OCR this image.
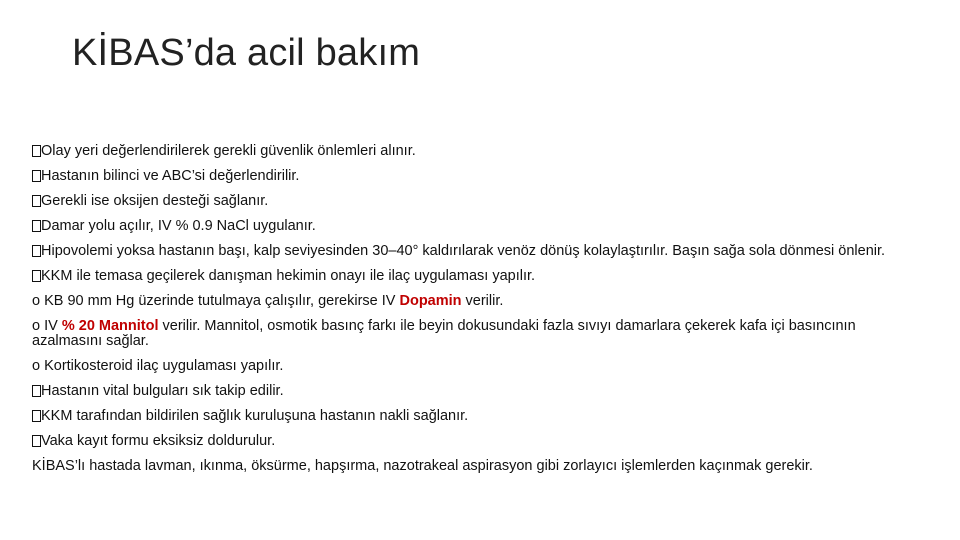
KİBAS’da acil bakım
Olay yeri değerlendirilerek gerekli güvenlik önlemleri alınır.
Hastanın bilinci ve ABC’si değerlendirilir.
Gerekli ise oksijen desteği sağlanır.
Damar yolu açılır, IV % 0.9 NaCl uygulanır.
Hipovolemi yoksa hastanın başı, kalp seviyesinden 30–40° kaldırılarak venöz dönüş kolaylaştırılır. Başın sağa sola dönmesi önlenir.
KKM ile temasa geçilerek danışman hekimin onayı ile ilaç uygulaması yapılır.
o KB 90 mm Hg üzerinde tutulmaya çalışılır, gerekirse IV Dopamin verilir.
o IV % 20 Mannitol verilir. Mannitol, osmotik basınç farkı ile beyin dokusundaki fazla sıvıyı damarlara çekerek kafa içi basıncının azalmasını sağlar.
o Kortikosteroid ilaç uygulaması yapılır.
Hastanın vital bulguları sık takip edilir.
KKM tarafından bildirilen sağlık kuruluşuna hastanın nakli sağlanır.
Vaka kayıt formu eksiksiz doldurulur.
KİBAS’lı hastada lavman, ıkınma, öksürme, hapşırma, nazotrakeal aspirasyon gibi zorlayıcı işlemlerden kaçınmak gerekir.
